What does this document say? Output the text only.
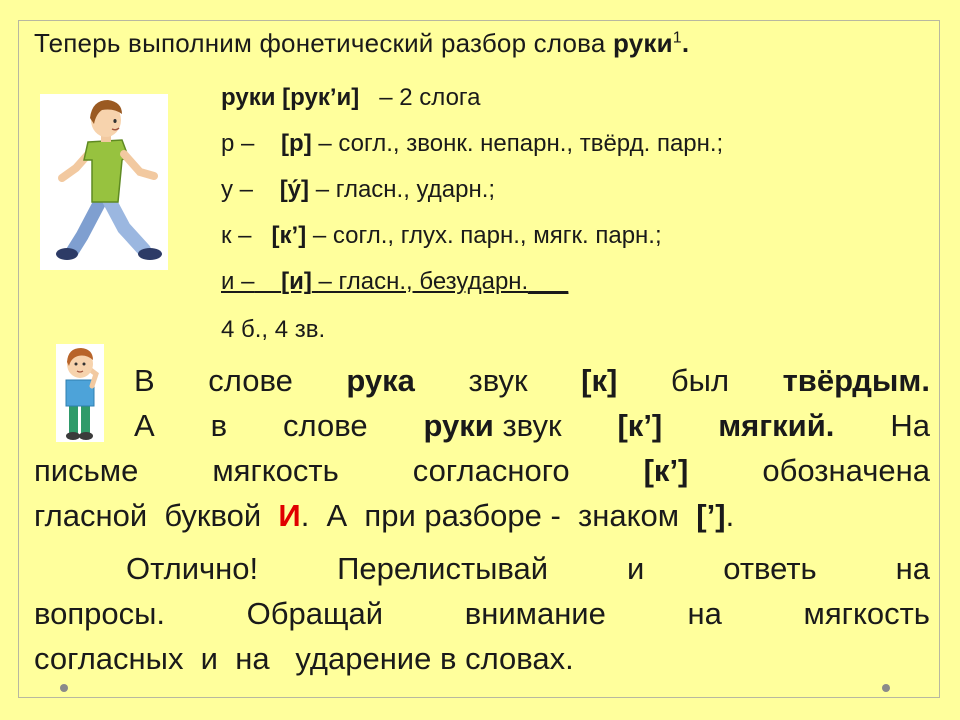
Теперь выполним фонетический разбор слова руки$^1$.
руки [рук’и] – 2 слога
р – [р] – согл., звонк. непарн., твёрд. парн.;
у – [у́] – гласн., ударн.;
к – [к’] – согл., глух. парн., мягк. парн.;
и – [и] – гласн., безударн.___
4 б., 4 зв.
В слове рука звук [к] был твёрдым.
А в слове руки звук [к’] мягкий. На
письме мягкость согласного [к’] обозначена
гласной  буквой  И.  А  при разборе -  знаком  [’].
Отлично!	Перелистывай	и	ответь	на
вопросы.	Обращай	внимание	на	мягкость
согласных  и  на   ударение в словах.
